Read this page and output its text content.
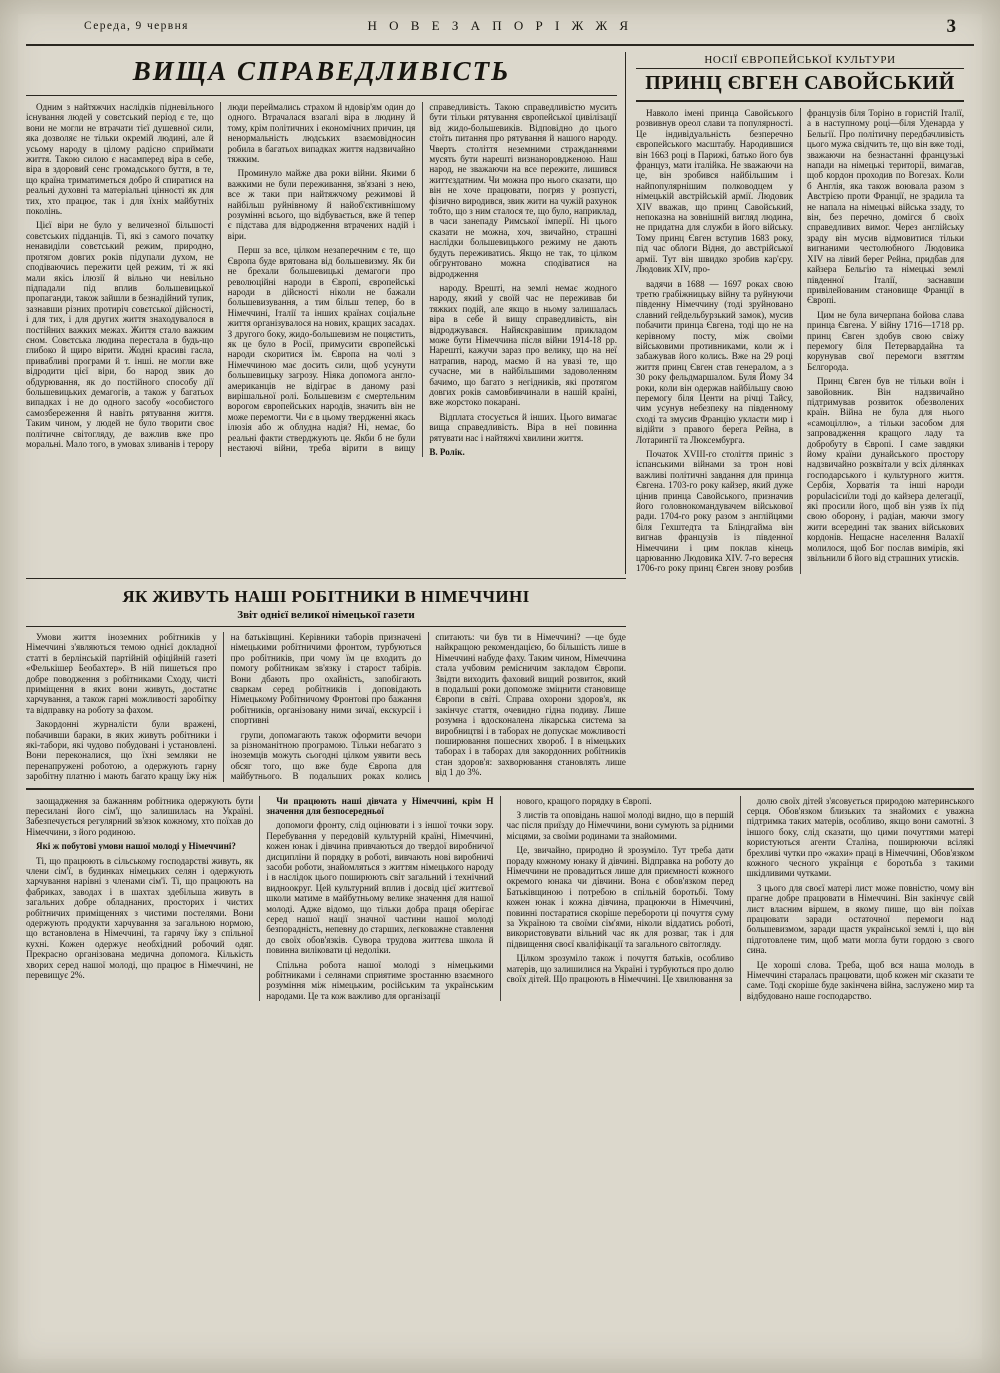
Середа, 9 червня	Н О В Е З А П О Р І Ж Ж Я	3
ВИЩА СПРАВЕДЛИВІСТЬ

Одним з найтяжчих наслідків підневільного існування людей у совєтський період є те, що вони не могли не втрачати тієї душевної сили, яка дозволяє не тільки окремій людині, але й усьому народу в цілому радісно сприймати життя. Такою силою є насамперед віра в себе, віра в здоровий сенс громадського буття, в те, що країна триматиметься добро й спиратися на реальні духовні та матеріальні цінності як для тих, хто працює, так і для їхніх майбутніх поколінь.

Цієї віри не було у величезної більшості совєтських підданців. Ті, які з самого початку ненавиділи совєтський режим, природно, протягом довгих років підупали духом, не сподіваючись пережити цей режим, ті ж які мали якісь ілюзії й вільно чи невільно підпадали під вплив большевицької пропаганди, також зайшли в безнадійний тупик, зазнавши різних протиріч совєтської дійсності, і для тих, і для других життя знаходувалося в постійних важких межах. Життя стало важким сном. Совєтська людина перестала в будь-що глибоко й щиро вірити. Жодні красиві гасла, привабливі програми й т. інші. не могли вже відродити цієї віри, бо народ звик до обдурювання, як до постійного способу дії большевицьких демагогів, а також у багатьох випадках і не до одного засобу «особистого самозбереження й навіть рятування життя. Таким чином, у людей не було творити своє політичне світогляду, де важлив вже про моральні. Мало того, в умовах зливанів і терору люди переймались страхом й ндовір'ям один до одного. Втрачалася взагалі віра в людину й тому, крім політичних і економічних причин, ця ненормальність людських взаємовідносин робила в багатьох випадках життя надзвичайно тяжким.

Проминуло майже два роки війни. Якими б важкими не були переживання, зв'язані з нею, все ж таки при найтяжчому режимові й найбільш руйнівному й найоб'єктивнішому розумінні всього, що відбувається, вже й тепер є підстава для відродження втрачених надій і віри.

Перш за все, цілком незаперечним є те, що Європа буде врятована від большевизму. Як би не брехали большевицькі демагоги про революційні народи в Європі, європейські народи в дійсності ніколи не бажали большевизування, а тим більш тепер, бо в Німеччині, Італії та інших країнах соціальне життя організувалося на нових, кращих засадах. З другого боку, жидо-большевизм не поцястить, як це було в Росії, примусити європейські народи скоритися їм. Європа на чолі з Німеччиною має досить сили, щоб усунути большевицьку загрозу. Ніяка допомога англо-американців не відіграє в даному разі вирішальної ролі. Большевизм є смертельним ворогом європейських народів, значить він не може перемогти. Чи є в цьому твердженні якась ілюзія або ж облудна надія? Ні, немає, бо реальні факти стверджують це. Якби б не були нестаючі війни, треба вірити в вищу справедливість. Такою справедливістю мусить бути тільки рятування європейської цивілізації від жидо-большевиків. Відповідно до цього стоїть питання про рятування й нашого народу. Чверть століття неземними стражданнями мусять бути нарешті визнаноровдженою. Наш народ, не зважаючи на все пережите, лишився життєздатним. Чи можна про нього сказати, що він не хоче працювати, погряз у розпусті, фізично виродився, звик жити на чужій рахунок тобто, що з ним сталося те, що було, наприклад, в часи занепаду Римської імперії. Ні цього сказати не можна, хоч, звичайно, страшні наслідки большевицького режиму не дають будуть переживатись. Якщо не так, то цілком обгрунтовано можна сподіватися на відродження

народу. Врешті, на землі немає жодного народу, який у своїй час не переживав би тяжких подій, але якщо в ньому залишалась віра в себе й вищу справедливість, він відроджувався. Найяскравішим прикладом може бути Німеччина після війни 1914-18 рр. Нарешті, кажучи зараз про велику, що на неї натрапив, народ, маємо й на увазі те, що сучасне, ми в найбільшими задоволенням бачимо, що багато з негідників, які протягом довгих років самовбивчинали в нашій країні, вже жорстоко покарані.

Відплата стосується й інших. Цього вимагає вища справедливість. Віра в неї повинна рятувати нас і найтяжчі хвилини життя.

В. Ролік.

НОСІЇ ЄВРОПЕЙСЬКОЇ КУЛЬТУРИ
ПРИНЦ ЄВГЕН САВОЙСЬКИЙ

Навколо імені принца Савойського розвивнув ореол слави та популярності. Це індивідуальність безперечно європейського масштабу. Народившися він 1663 році в Парижі, батько його був француз, мати італійка. Не зважаючи на це, він зробився найбільшим і найпопулярнішим полководцем у німецькій австрійській армії. Людовик XIV вважав, що принц Савойський, непоказна на зовнішній вигляд людина, не придатна для служби в його війську. Тому принц Євген вступив 1683 року, під час облоги Відня, до австрійської армії. Тут він швидко зробив кар'єру. Людовик XIV, про-

вадячи в 1688 — 1697 роках свою третю грабіжницьку війну та руйнуючи південну Німеччину (тоді зруйновано славний гейдельбурзький замок), мусив побачити принца Євгена, тоді що не на керівному посту, між своїми військовими противниками, коли ж і забажував його колись. Вже на 29 році життя принц Євген став генералом, а з 30 року фельдмаршалом. Буля Йому 34 роки, коли він одержав найбільшу свою перемогу біля Центи на річці Тайсу, чим усунув небезпеку на південному сході та змусив Францію укласти мир і відійти з правого берега Рейна, в Лотарингії та Люксембурга.

Початок XVIII-го століття приніс з іспанськими війнами за трон нові важливі політичні завдання для принца Євгена. 1703-го року кайзер, який дуже цінив принца Савойського, призначив його головнокомандувачем військової ради. 1704-го року разом з англійцями біля Гехштедта та Бліндгайма він вигнав французів із південної Німеччини і цим поклав кінець царюванню Людовика XIV. 7-го вересня 1706-го року принц Євген знову розбив французів біля Торіно в гористій Італії, а в наступному році—біля Уденарда у Бельгії. Про політичну передбачливість цього мужа свідчить те, що він вже тоді, зважаючи на безнастанні французькі напади на німецькі території, вимагав, щоб кордон проходив по Вогезах. Коли б Англія, яка також воювала разом з Австрією проти Франції, не зрадила та не напала на німецькі війська ззаду, то він, без перечно, домігся б своїх справедливих вимог. Через англійську зраду він мусив відмовитися тільки вигнаними честолюбного Людовика XIV на лівий берег Рейна, придбав для кайзера Бельгію та німецькі землі південної Італії, заснавши привілейованим становище Франції в Європі.

Цим не була вичерпана бойова слава принца Євгена. У війну 1716—1718 рр. принц Євген здобув свою свіжу перемогу біля Петервардайна та корунував свої перемоги взяттям Бєлгорода.

Принц Євген був не тільки воїн і завойовник. Він надзвичайно підтримував розвиток обезволених країн. Війна не була для нього «самоціллю», а тільки засобом для запровадження кращого ладу та добробуту в Європі. І саме завдяки йому країни дунайського простору надзвичайно розквітали у всіх ділянках господарського і культурного життя. Сербія, Хорватія та інші народи populaciсиїли тоді до кайзера делегації, які просили його, щоб він узяв їх під свою оборону, і радіан, маючи змогу жити всередині так званих військових кордонів. Нещасне населення Валахії молилося, щоб Бог послав вимірів, які звільнили б його від страшних утисків.

ЯК ЖИВУТЬ НАШІ РОБІТНИКИ В НІМЕЧЧИНІ
Звіт однієї великої німецької газети

Умови життя іноземних робітників у Німеччині з'являються темою однієї докладної статті в берлінській партійній офіційній газеті «Фелькішер Беобахтер». В ній пишеться про добре поводження з робітниками Сходу, чисті приміщення в яких вони живуть, достатнє харчування, а також гарні можливості заробітку та відправку на роботу за фахом.

Закордонні журналісти були вражені, побачивши бараки, в яких живуть робітники і які-табори, які чудово побудовані і установлені. Вони переконалися, що їхні земляки не перенапружені роботою, а одержують гарну заробітну платню і мають багато кращу їжу ніж на батьківщині. Керівники таборів призначені німецькими робітничими фронтом, турбуються про робітників, при чому їм це входить до помогу робітникам зв'язку і старост табірів. Вони дбають про охайність, запобігають сваркам серед робітників і доповідають Німецькому Робітничому Фронтові про бажання робітників, організовану ними зичаї, екскурсії і спортивні

групи, допомагають також оформити вечори за різноманітною програмою. Тільки небагато з іноземців можуть сьогодні цілком уявити весь обсяг того, що вже буде Європа для майбутнього. В подальших роках колись спитають: чи був ти в Німеччині? —це буде найкращою рекомендацією, бо більшість лише в Німеччині набуде фаху. Таким чином, Німеччина стала учбовим ремісничим закладом Європи. Звідти виходить фаховий вищий розвиток, який в подальші роки допоможе зміцнити становище Європи в світі. Справа охорони здоров'я, як закінчує стаття, очевидно гідна подиву. Лише розумна і вдосконалена лікарська система за виробництві і в таборах не допускає можливості поширювання пошесних хвороб. І в німецьких таборах і в таборах для закордонних робітників стан здоров'я: захворювання становлять лише від 1 до 3%.

заощадження за бажанням робітника одержують бути пересилані його сім'ї, що залишилась на Україні. Забезпечується регулярний зв'язок кожному, хто поїхав до Німеччини, з його родиною.

Які ж побутові умови нашої молоді у Німеччині?

Ті, що працюють в сільському господарстві живуть, як члени сім'ї, в будинках німецьких селян і одержують харчування нарівні з членами сім'ї. Ті, що працюють на фабриках, заводах і в шахтах здебільша живуть в загальних добре обладнаних, просторих і чистих робітничих приміщеннях з чистими постелями. Вони одержують продукти харчування за загальною нормою, що встановлена в Німеччині, та гарячу їжу з спільної кухні. Кожен одержує необхідний робочий одяг. Прекрасно організована медична допомога. Кількість хворих серед нашої молоді, що працює в Німеччині, не перевищує 2%.

Чи працюють наші дівчата у Німеччині, крім Н значення для безпосередньої

допомоги фронту, слід оцінювати і з іншої точки зору. Перебування у передовій культурній країні, Німеччині, кожен юнак і дівчина привчаються до твердої виробничої дисципліни й порядку в роботі, вивчають нові виробничі засоби роботи, знайомляться з життям німецького народу і в наслідок цього поширюють світ загальний і технічний видноокруг. Цей культурний вплив і досвід цієї життєвої школи матиме в майбутньому велике значення для нашої молоді. Адже відомо, що тільки добра праця оберігає серед нашої нації значної частини нашої молоді безпорадність, непевну до старших, легковажне ставлення до своїх обов'язків. Сувора трудова життєва школа й повинна виліковати ці недоліки.

Спільна робота нашої молоді з німецькими робітниками і селянами сприятиме зростанню взаємного розуміння між німецьким, російським та українським народами. Це та кож важливо для організації

нового, кращого порядку в Європі.

З листів та оповідань нашої молоді видно, що в першій час після приїзду до Німеччини, вони сумують за рідними місцями, за своїми родинами та знайомими.

Це, звичайно, природно й зрозуміло. Тут треба дати пораду кожному юнаку й дівчині. Відправка на роботу до Німеччини не провадиться лише для приємності кожного окремого юнака чи дівчини. Вона є обов'язком перед Батьківщиною і потребою в спільній боротьбі. Тому кожен юнак і кожна дівчина, працюючи в Німеччині, повинні постаратися скоріше перебороти ці почуття суму за Україною та своїми сім'ями, ніколи віддатись роботі, використовувати вільний час як для розваг, так і для підвищення своєї кваліфікації та загального світогляду.

Цілком зрозуміло також і почуття батьків, особливо матерів, що залишилися на Україні і турбуються про долю своїх дітей. Що працюють в Німеччині. Це хвилювання за

долю своїх дітей з'ясовується природою материнського серця. Обов'язком близьких та знайомих є уважна підтримка таких матерів, особливо, якщо вони самотні. З іншого боку, слід сказати, що цими почуттями матері користуються агенти Сталіна, поширюючи всілякі брехливі чутки про «жахи» праці в Німеччині, Обов'язком кожного чесного українця є боротьба з такими шкідливими чутками.

З цього для своєї матері лист може повністю, чому він прагне добре працювати в Німеччині. Він закінчує свій лист власним віршем, в якому пише, що він поїхав працювати заради остаточної перемоги над большевизмом, заради щастя української землі і, що він підготовлене тим, щоб мати могла бути гордою з свого сина.

Це хороші слова. Треба, щоб вся наша молодь в Німеччині старалась працювати, щоб кожен міг сказати те саме. Тоді скоріше буде закінчена війна, заслужено мир та відбудовано наше господарство.
